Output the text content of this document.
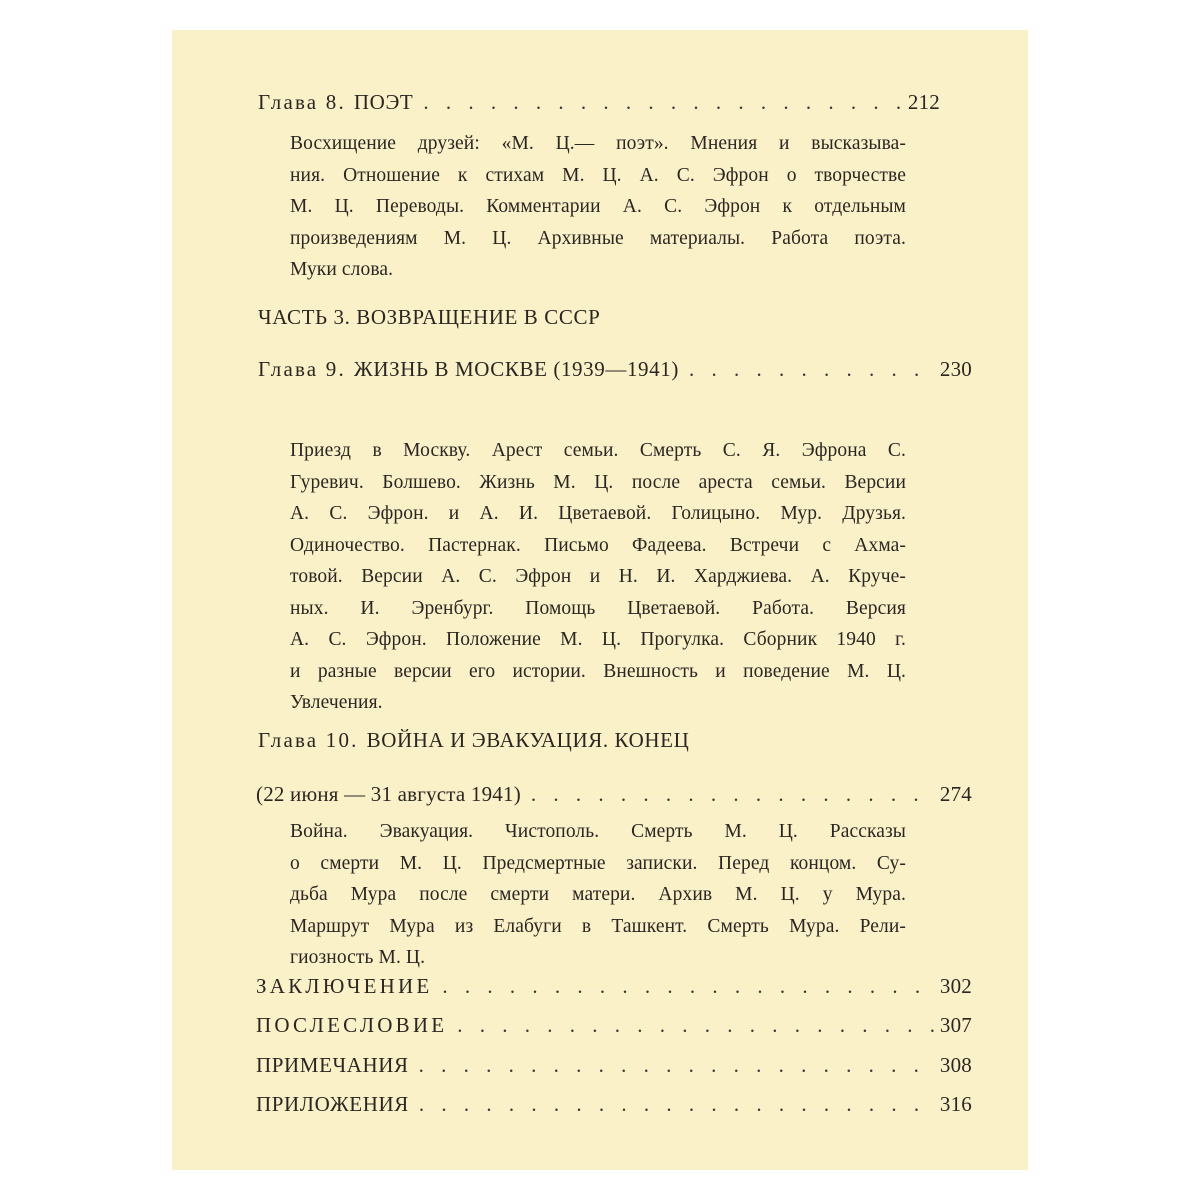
Глава 8. ПОЭТ . . .	212
Восхищение друзей: «М. Ц.— поэт». Мнения и высказыва-
ния. Отношение к стихам М. Ц. А. С. Эфрон о творчестве
М. Ц. Переводы. Комментарии А. С. Эфрон к отдельным
произведениям М. Ц. Архивные материалы. Работа поэта.
Муки слова.
ЧАСТЬ 3. ВОЗВРАЩЕНИЕ В СССР
Глава 9. ЖИЗНЬ В МОСКВЕ (1939—1941) . . .	230
Приезд в Москву. Арест семьи. Смерть С. Я. Эфрона С.
Гуревич. Болшево. Жизнь М. Ц. после ареста семьи. Версии
А. С. Эфрон. и А. И. Цветаевой. Голицыно. Мур. Друзья.
Одиночество. Пастернак. Письмо Фадеева. Встречи с Ахма-
товой. Версии А. С. Эфрон и Н. И. Харджиева. А. Круче-
ных. И. Эренбург. Помощь Цветаевой. Работа. Версия
А. С. Эфрон. Положение М. Ц. Прогулка. Сборник 1940 г.
и разные версии его истории. Внешность и поведение М. Ц.
Увлечения.
Глава 10. ВОЙНА И ЭВАКУАЦИЯ. КОНЕЦ
(22 июня — 31 августа 1941) . . .	274
Война. Эвакуация. Чистополь. Смерть М. Ц. Рассказы
о смерти М. Ц. Предсмертные записки. Перед концом. Су-
дьба Мура после смерти матери. Архив М. Ц. у Мура.
Маршрут Мура из Елабуги в Ташкент. Смерть Мура. Рели-
гиозность М. Ц.
ЗАКЛЮЧЕНИЕ . . .	302
ПОСЛЕСЛОВИЕ . . .	307
ПРИМЕЧАНИЯ . . .	308
ПРИЛОЖЕНИЯ . . .	316
